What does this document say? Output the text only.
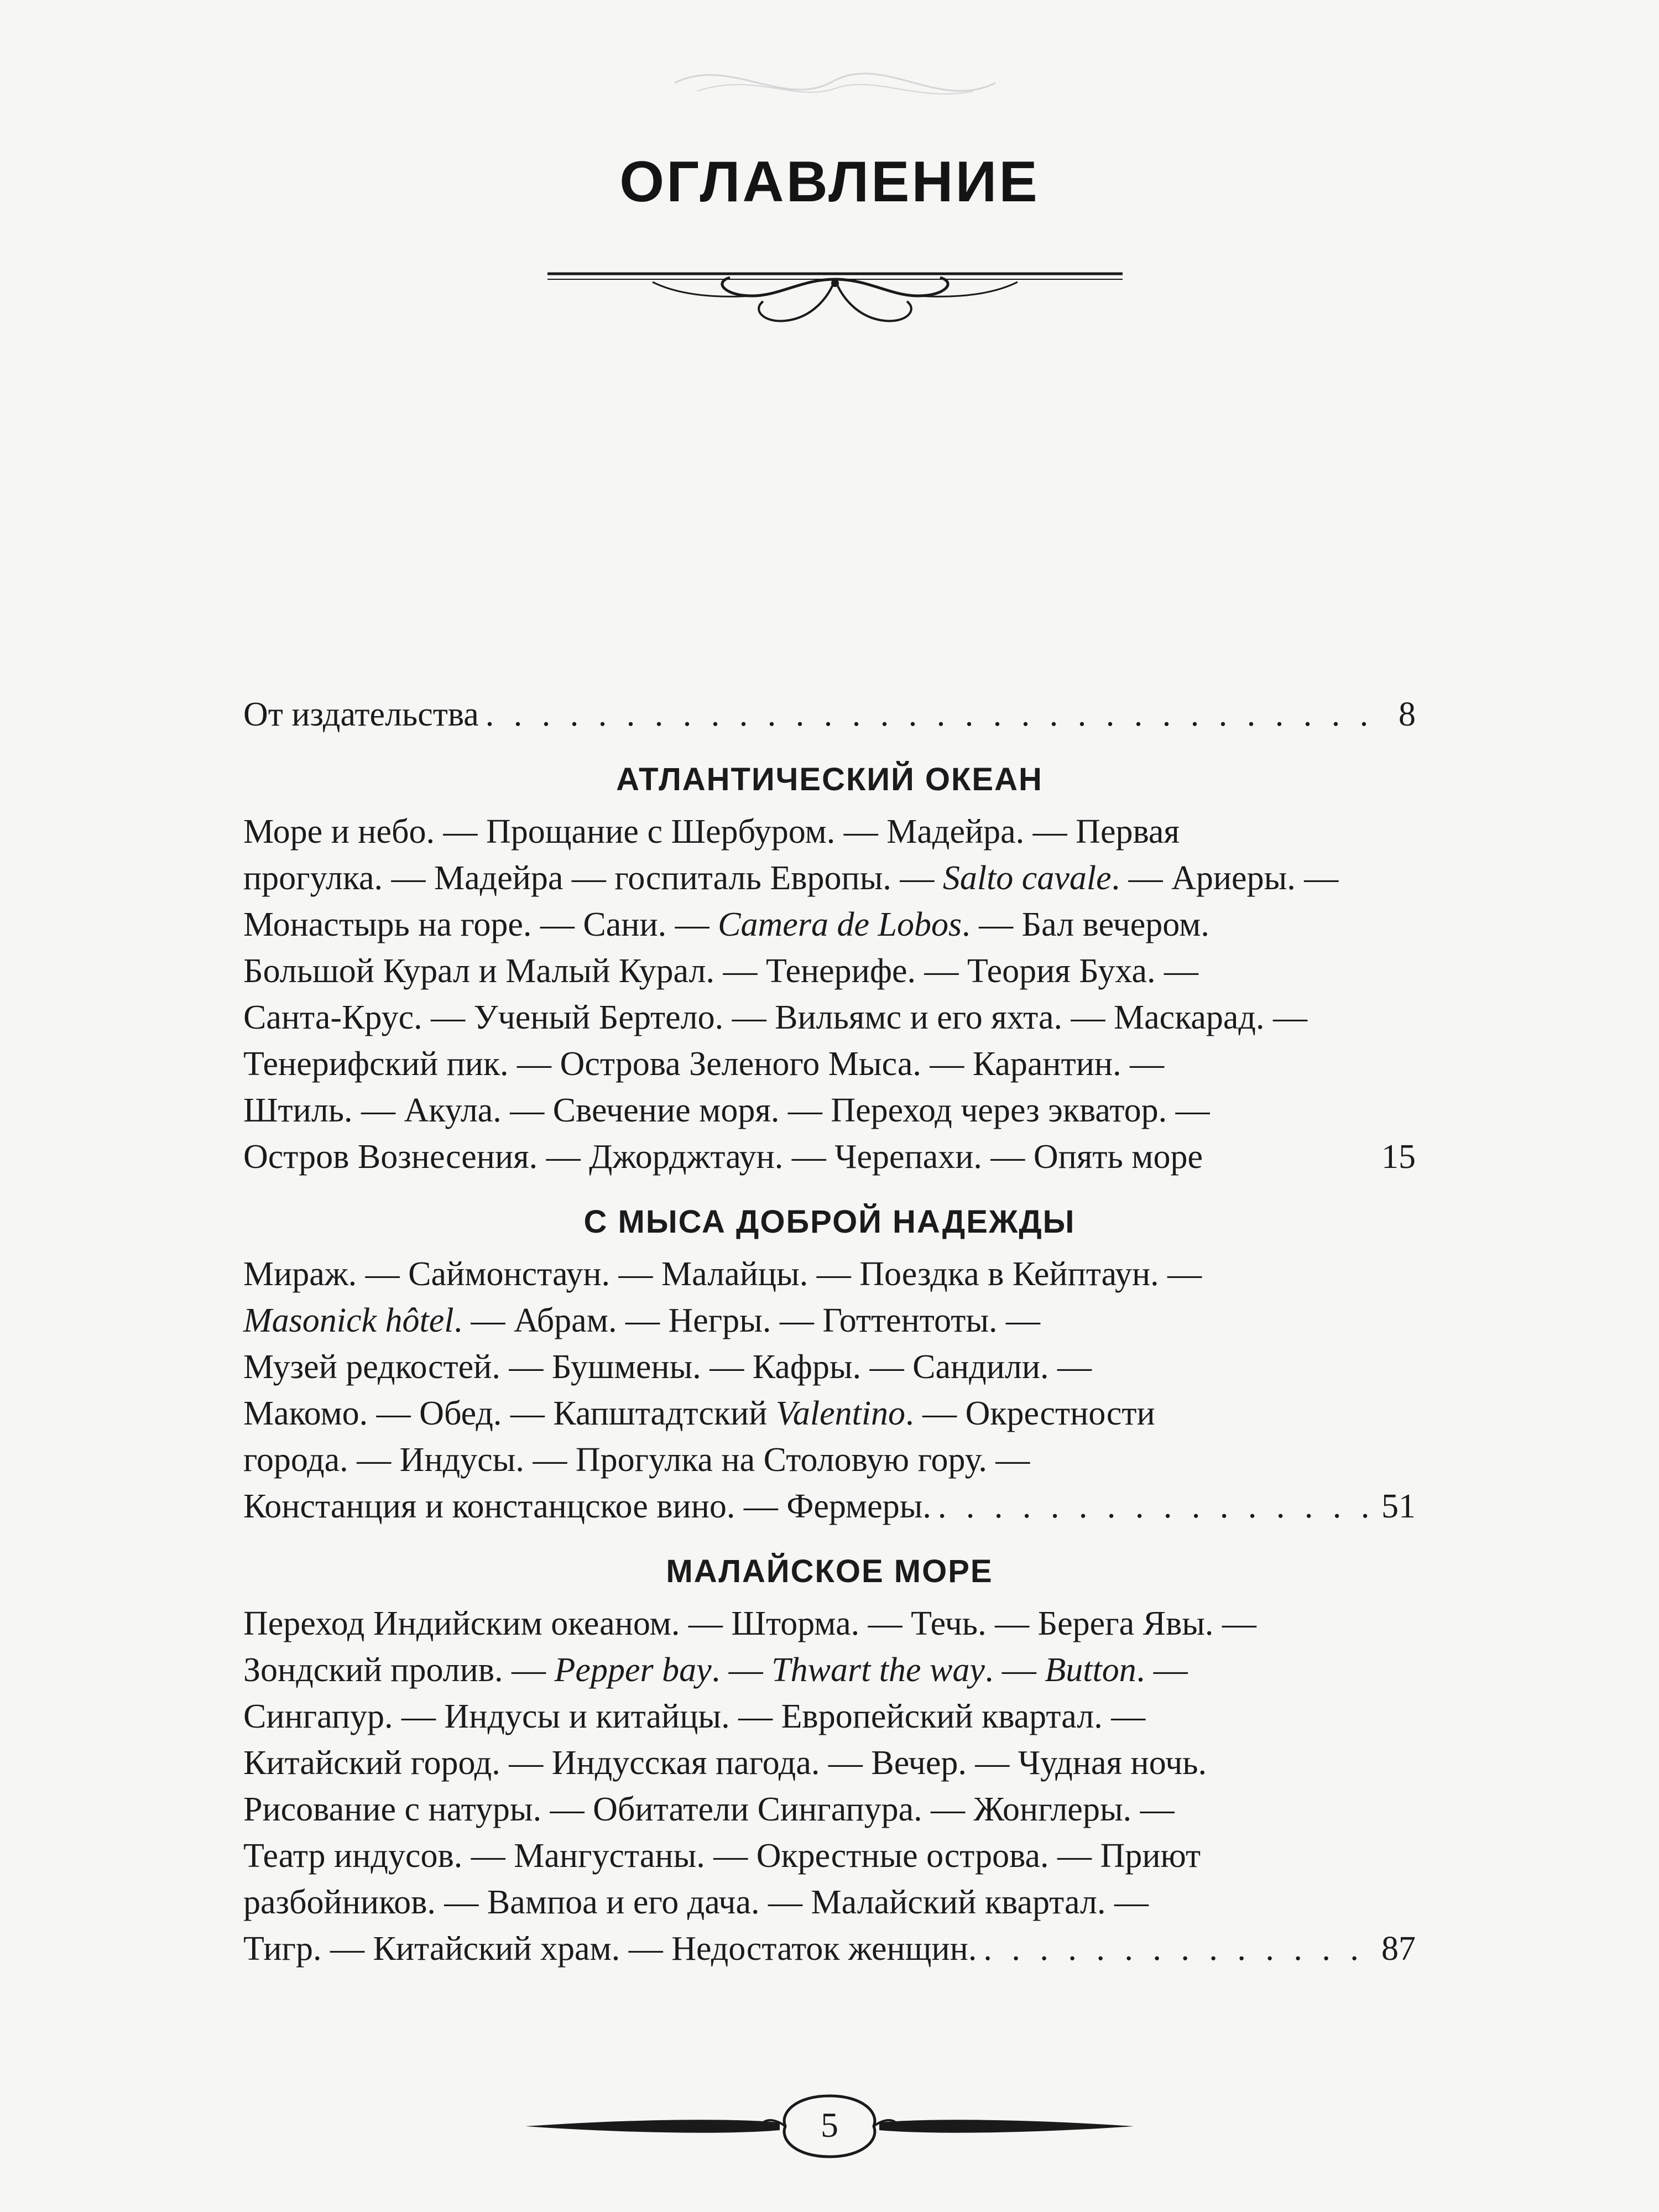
ОГЛАВЛЕНИЕ
От издательства . . .	8
АТЛАНТИЧЕСКИЙ ОКЕАН
Море и небо. — Прощание с Шербуром. — Мадейра. — Первая
прогулка. — Мадейра — госпиталь Европы. — Salto cavale. — Ариеры. —
Монастырь на горе. — Сани. — Camera de Lobos. — Бал вечером.
Большой Курал и Малый Курал. — Тенерифе. — Теория Буха. —
Санта-Крус. — Ученый Бертело. — Вильямс и его яхта. — Маскарад. —
Тенерифский пик. — Острова Зеленого Мыса. — Карантин. —
Штиль. — Акула. — Свечение моря. — Переход через экватор. —
Остров Вознесения. — Джорджтаун. — Черепахи. — Опять море	15
С МЫСА ДОБРОЙ НАДЕЖДЫ
Мираж. — Саймонстаун. — Малайцы. — Поездка в Кейптаун. —
Masonick hôtel. — Абрам. — Негры. — Готтентоты. —
Музей редкостей. — Бушмены. — Кафры. — Сандили. —
Макомо. — Обед. — Капштадтский Valentino. — Окрестности
города. — Индусы. — Прогулка на Столовую гору. —
Констанция и констанцское вино. — Фермеры. . . .	51
МАЛАЙСКОЕ МОРЕ
Переход Индийским океаном. — Шторма. — Течь. — Берега Явы. —
Зондский пролив. — Pepper bay. — Thwart the way. — Button. —
Сингапур. — Индусы и китайцы. — Европейский квартал. —
Китайский город. — Индусская пагода. — Вечер. — Чудная ночь.
Рисование с натуры. — Обитатели Сингапура. — Жонглеры. —
Театр индусов. — Мангустаны. — Окрестные острова. — Приют
разбойников. — Вампоа и его дача. — Малайский квартал. —
Тигр. — Китайский храм. — Недостаток женщин. . . .	87
5
